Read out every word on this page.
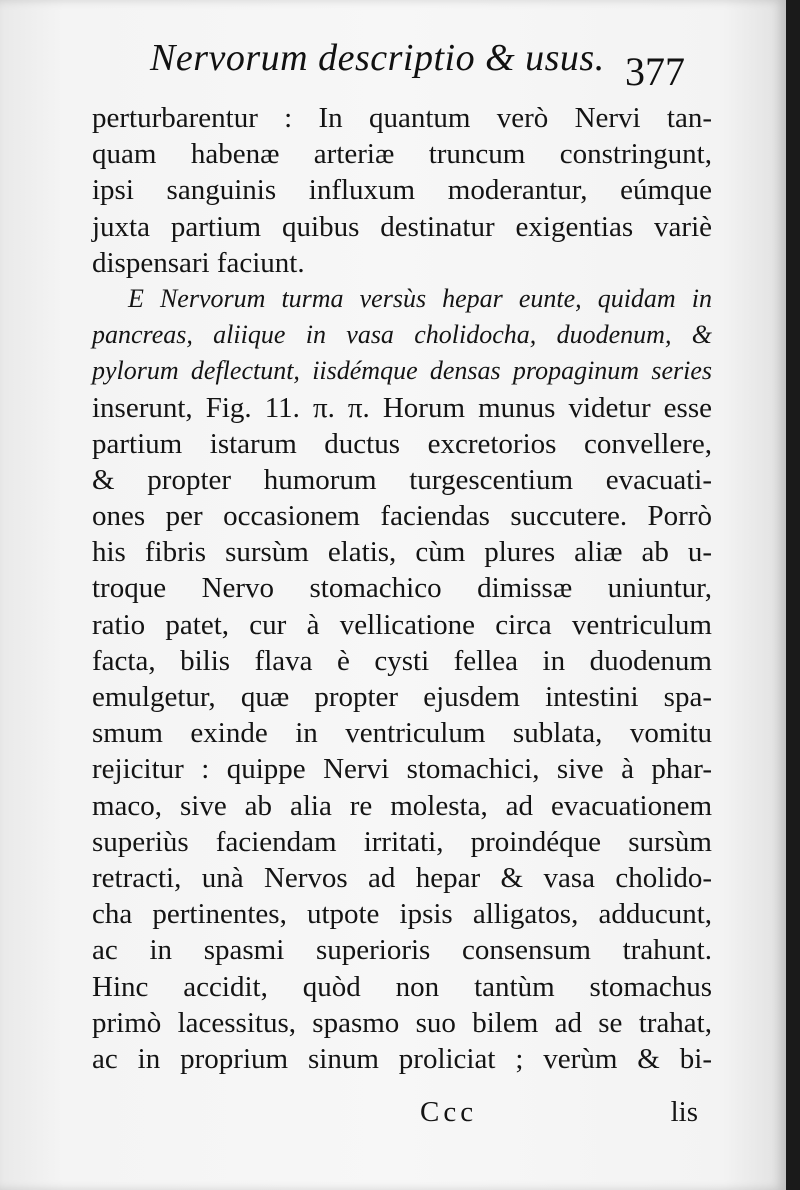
Nervorum descriptio & usus. 377
perturbarentur : In quantum verò Nervi tan-
quam habenæ arteriæ truncum constringunt,
ipsi sanguinis influxum moderantur, eúmque
juxta partium quibus destinatur exigentias variè
dispensari faciunt.
E Nervorum turma versùs hepar eunte, quidam in
pancreas, aliique in vasa cholidocha, duodenum, &
pylorum deflectunt, iisdémque densas propaginum series
inserunt, Fig. 11. π. π. Horum munus videtur esse
partium istarum ductus excretorios convellere,
& propter humorum turgescentium evacuati-
ones per occasionem faciendas succutere. Porrò
his fibris sursùm elatis, cùm plures aliæ ab u-
troque Nervo stomachico dimissæ uniuntur,
ratio patet, cur à vellicatione circa ventriculum
facta, bilis flava è cysti fellea in duodenum
emulgetur, quæ propter ejusdem intestini spa-
smum exinde in ventriculum sublata, vomitu
rejicitur : quippe Nervi stomachici, sive à phar-
maco, sive ab alia re molesta, ad evacuationem
superiùs faciendam irritati, proindéque sursùm
retracti, unà Nervos ad hepar & vasa cholido-
cha pertinentes, utpote ipsis alligatos, adducunt,
ac in spasmi superioris consensum trahunt.
Hinc accidit, quòd non tantùm stomachus
primò lacessitus, spasmo suo bilem ad se trahat,
ac in proprium sinum proliciat ; verùm & bi-
Ccc	lis
